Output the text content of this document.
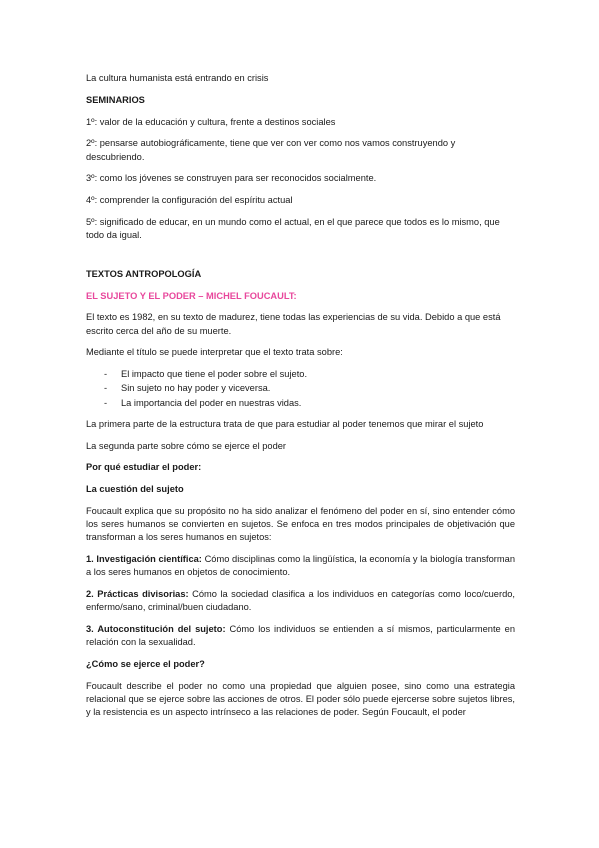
La cultura humanista está entrando en crisis

SEMINARIOS

1º: valor de la educación y cultura, frente a destinos sociales

2º: pensarse autobiográficamente, tiene que ver con ver como nos vamos construyendo y descubriendo.

3º: como los jóvenes se construyen para ser reconocidos socialmente.

4º: comprender la configuración del espíritu actual

5º: significado de educar, en un mundo como el actual, en el que parece que todos es lo mismo, que todo da igual.

TEXTOS ANTROPOLOGÍA

EL SUJETO Y EL PODER – MICHEL FOUCAULT:

El texto es 1982, en su texto de madurez, tiene todas las experiencias de su vida. Debido a que está escrito cerca del año de su muerte.

Mediante el título se puede interpretar que el texto trata sobre:

- El impacto que tiene el poder sobre el sujeto.
- Sin sujeto no hay poder y viceversa.
- La importancia del poder en nuestras vidas.

La primera parte de la estructura trata de que para estudiar al poder tenemos que mirar el sujeto

La segunda parte sobre cómo se ejerce el poder

Por qué estudiar el poder:

La cuestión del sujeto

Foucault explica que su propósito no ha sido analizar el fenómeno del poder en sí, sino entender cómo los seres humanos se convierten en sujetos. Se enfoca en tres modos principales de objetivación que transforman a los seres humanos en sujetos:

1. Investigación científica: Cómo disciplinas como la lingüística, la economía y la biología transforman a los seres humanos en objetos de conocimiento.

2. Prácticas divisorias: Cómo la sociedad clasifica a los individuos en categorías como loco/cuerdo, enfermo/sano, criminal/buen ciudadano.

3. Autoconstitución del sujeto: Cómo los individuos se entienden a sí mismos, particularmente en relación con la sexualidad.

¿Cómo se ejerce el poder?

Foucault describe el poder no como una propiedad que alguien posee, sino como una estrategia relacional que se ejerce sobre las acciones de otros. El poder sólo puede ejercerse sobre sujetos libres, y la resistencia es un aspecto intrínseco a las relaciones de poder. Según Foucault, el poder
